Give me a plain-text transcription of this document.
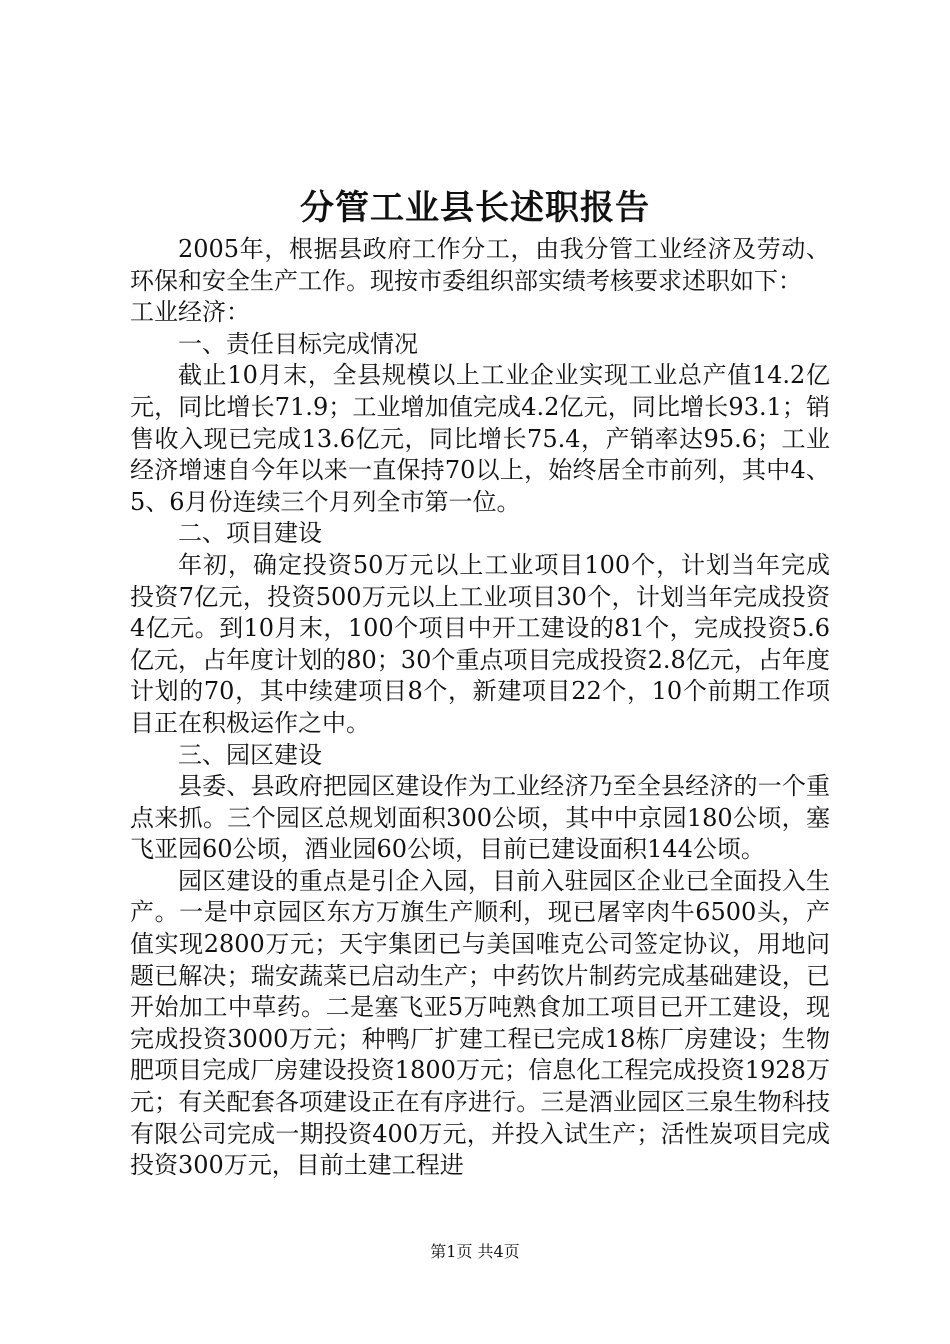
分管工业县长述职报告

2005年，根据县政府工作分工，由我分管工业经济及劳动、环保和安全生产工作。现按市委组织部实绩考核要求述职如下：

工业经济：

一、责任目标完成情况

截止10月末，全县规模以上工业企业实现工业总产值14.2亿元，同比增长71.9；工业增加值完成4.2亿元，同比增长93.1；销售收入现已完成13.6亿元，同比增长75.4，产销率达95.6；工业经济增速自今年以来一直保持70以上，始终居全市前列，其中4、5、6月份连续三个月列全市第一位。

二、项目建设

年初，确定投资50万元以上工业项目100个，计划当年完成投资7亿元，投资500万元以上工业项目30个，计划当年完成投资4亿元。到10月末，100个项目中开工建设的81个，完成投资5.6亿元，占年度计划的80；30个重点项目完成投资2.8亿元，占年度计划的70，其中续建项目8个，新建项目22个，10个前期工作项目正在积极运作之中。

三、园区建设

县委、县政府把园区建设作为工业经济乃至全县经济的一个重点来抓。三个园区总规划面积300公顷，其中中京园180公顷，塞飞亚园60公顷，酒业园60公顷，目前已建设面积144公顷。

园区建设的重点是引企入园，目前入驻园区企业已全面投入生产。一是中京园区东方万旗生产顺利，现已屠宰肉牛6500头，产值实现2800万元；天宇集团已与美国唯克公司签定协议，用地问题已解决；瑞安蔬菜已启动生产；中药饮片制药完成基础建设，已开始加工中草药。二是塞飞亚5万吨熟食加工项目已开工建设，现完成投资3000万元；种鸭厂扩建工程已完成18栋厂房建设；生物肥项目完成厂房建设投资1800万元；信息化工程完成投资1928万元；有关配套各项建设正在有序进行。三是酒业园区三泉生物科技有限公司完成一期投资400万元，并投入试生产；活性炭项目完成投资300万元，目前土建工程进

第1页 共4页
